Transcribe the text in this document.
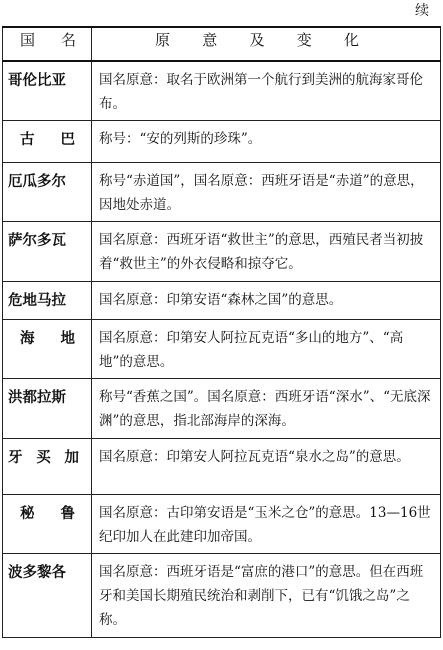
续
国 名	原 意 及 变 化

哥伦比亚	国名原意：取名于欧洲第一个航行到美洲的航海家哥伦布。

古 巴	称号：“安的列斯的珍珠”。
厄瓜多尔	称号“赤道国”，国名原意：西班牙语是“赤道”的意思，因地处赤道。
萨尔多瓦	国名原意：西班牙语“救世主”的意思，西殖民者当初披着“救世主”的外衣侵略和掠夺它。
危地马拉	国名原意：印第安语“森林之国”的意思。

海 地	国名原意：印第安人阿拉瓦克语“多山的地方”、“高地”的意思。
洪都拉斯	称号“香蕉之国”。国名原意：西班牙语“深水”、“无底深渊”的意思，指北部海岸的深海。

牙 买 加	国名原意：印第安人阿拉瓦克语“泉水之岛”的意思。

秘 鲁	国名原意：古印第安语是“玉米之仓”的意思。13—16世纪印加人在此建印加帝国。
波多黎各	国名原意：西班牙语是“富庶的港口”的意思。但在西班牙和美国长期殖民统治和剥削下，已有“饥饿之岛”之称。
